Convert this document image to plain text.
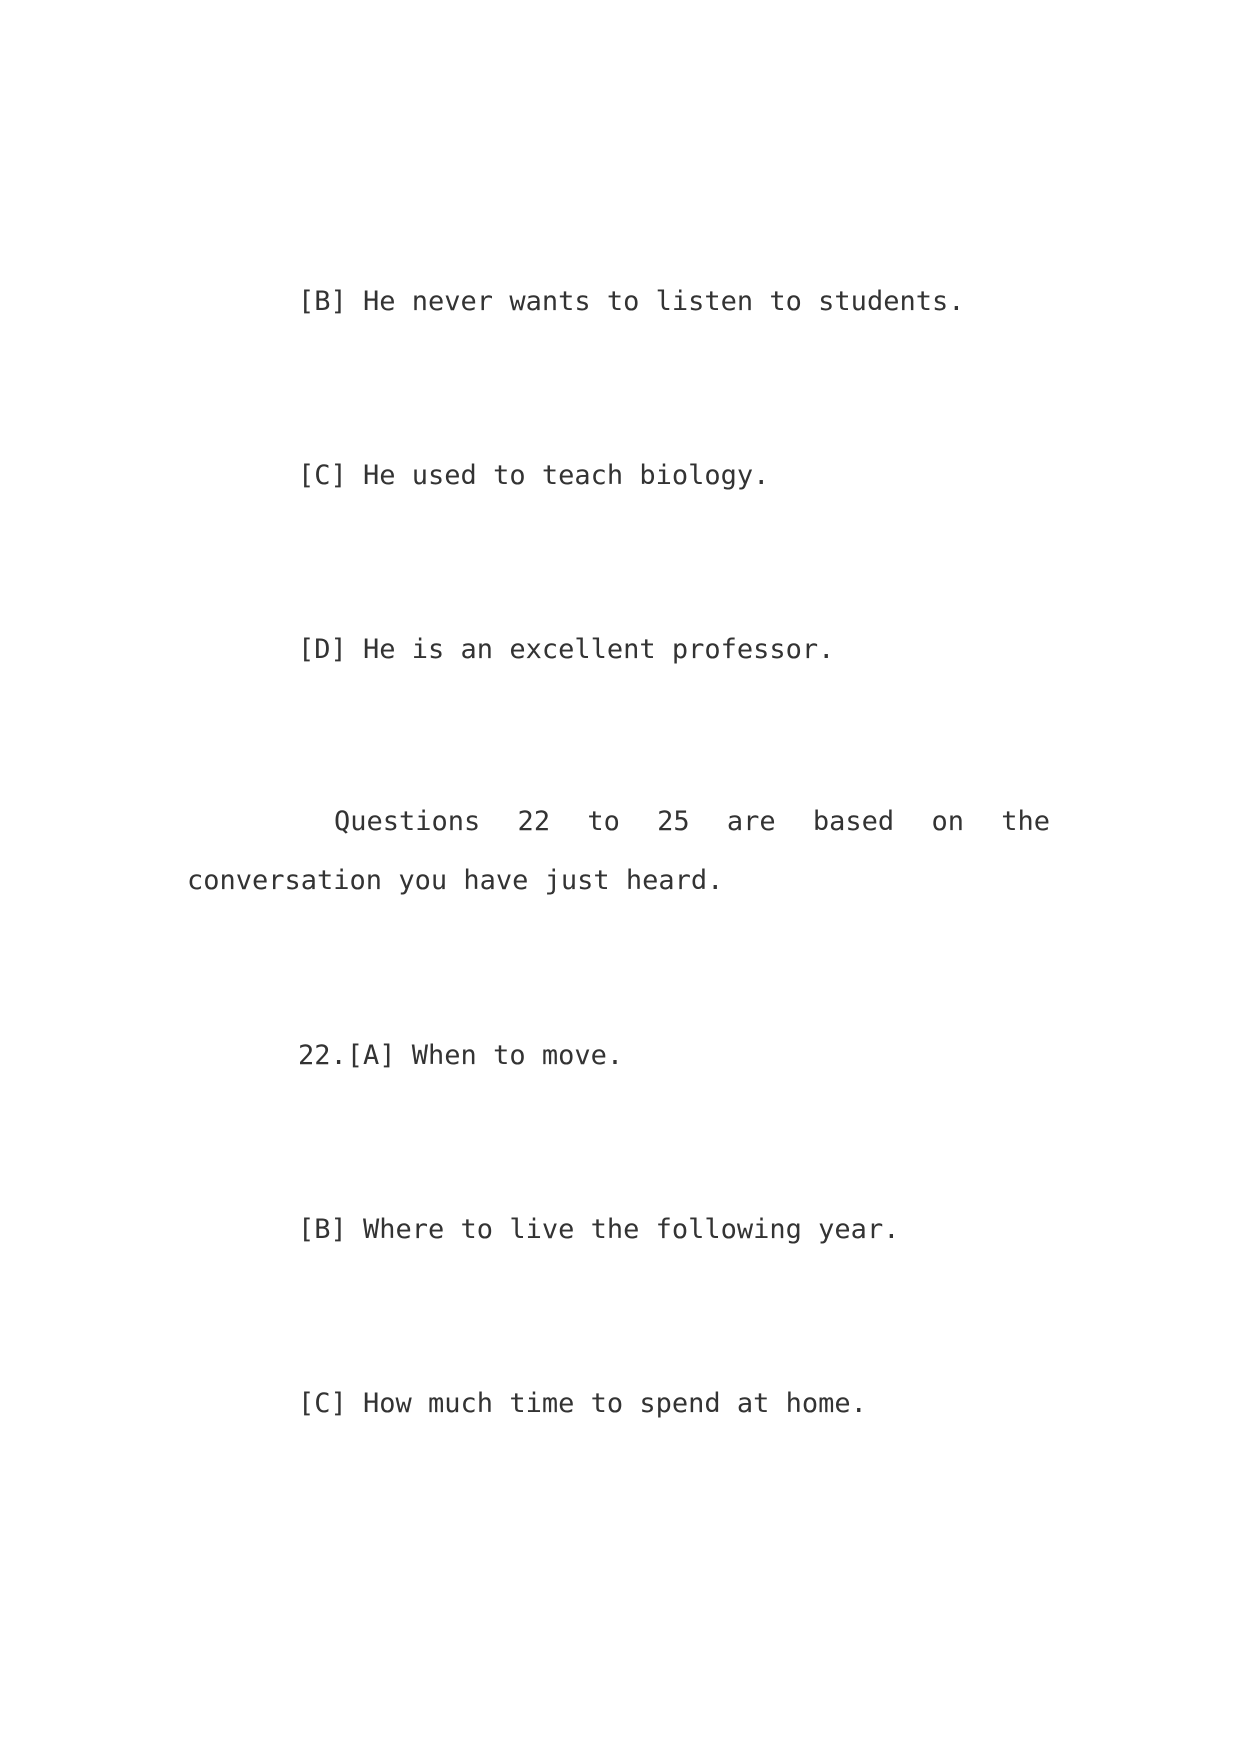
[B] He never wants to listen to students.
[C] He used to teach biology.
[D] He is an excellent professor.
Questions 22 to 25 are based on the
conversation you have just heard.
22.[A] When to move.
[B] Where to live the following year.
[C] How much time to spend at home.
